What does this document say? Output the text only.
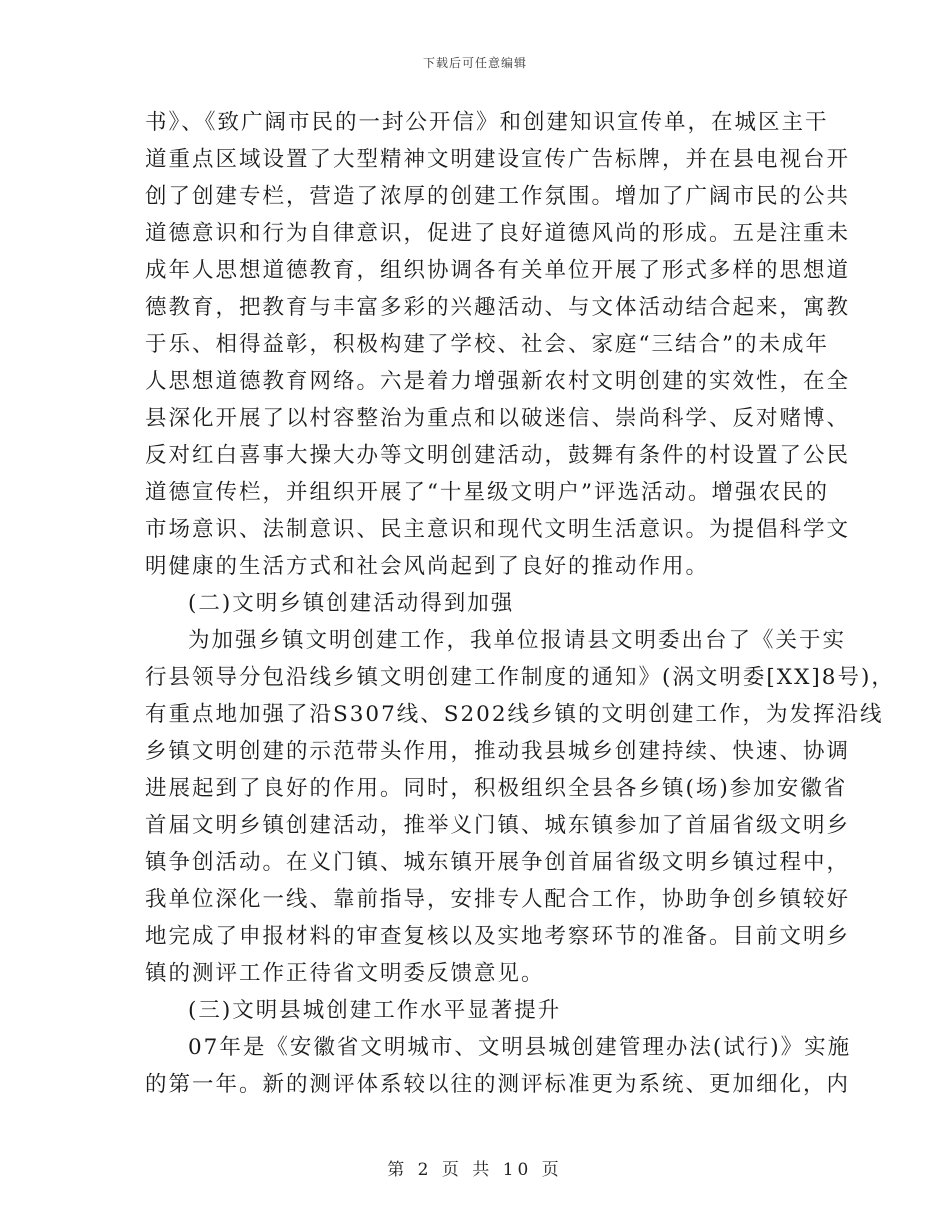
下载后可任意编辑
书》、《致广阔市民的一封公开信》和创建知识宣传单，在城区主干
道重点区域设置了大型精神文明建设宣传广告标牌，并在县电视台开
创了创建专栏，营造了浓厚的创建工作氛围。增加了广阔市民的公共
道德意识和行为自律意识，促进了良好道德风尚的形成。五是注重未
成年人思想道德教育，组织协调各有关单位开展了形式多样的思想道
德教育，把教育与丰富多彩的兴趣活动、与文体活动结合起来，寓教
于乐、相得益彰，积极构建了学校、社会、家庭“三结合”的未成年
人思想道德教育网络。六是着力增强新农村文明创建的实效性，在全
县深化开展了以村容整治为重点和以破迷信、崇尚科学、反对赌博、
反对红白喜事大操大办等文明创建活动，鼓舞有条件的村设置了公民
道德宣传栏，并组织开展了“十星级文明户”评选活动。增强农民的
市场意识、法制意识、民主意识和现代文明生活意识。为提倡科学文
明健康的生活方式和社会风尚起到了良好的推动作用。
(二)文明乡镇创建活动得到加强
为加强乡镇文明创建工作，我单位报请县文明委出台了《关于实
行县领导分包沿线乡镇文明创建工作制度的通知》(涡文明委[XX]8号)，
有重点地加强了沿S307线、S202线乡镇的文明创建工作，为发挥沿线
乡镇文明创建的示范带头作用，推动我县城乡创建持续、快速、协调
进展起到了良好的作用。同时，积极组织全县各乡镇(场)参加安徽省
首届文明乡镇创建活动，推举义门镇、城东镇参加了首届省级文明乡
镇争创活动。在义门镇、城东镇开展争创首届省级文明乡镇过程中，
我单位深化一线、靠前指导，安排专人配合工作，协助争创乡镇较好
地完成了申报材料的审查复核以及实地考察环节的准备。目前文明乡
镇的测评工作正待省文明委反馈意见。
(三)文明县城创建工作水平显著提升
07年是《安徽省文明城市、文明县城创建管理办法(试行)》实施
的第一年。新的测评体系较以往的测评标准更为系统、更加细化，内
第 2 页 共 10 页
